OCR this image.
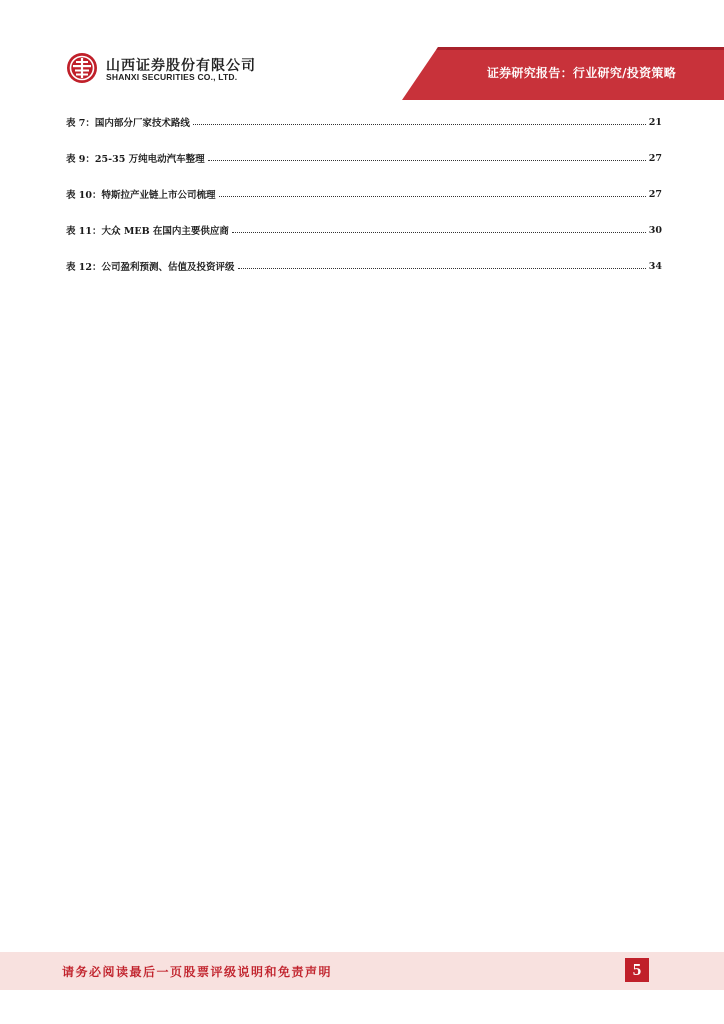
山西证券股份有限公司
SHANXI SECURITIES CO., LTD.	证券研究报告：行业研究/投资策略
表 7：国内部分厂家技术路线	21
表 9：25-35 万纯电动汽车整理	27
表 10：特斯拉产业链上市公司梳理	27
表 11：大众 MEB 在国内主要供应商	30
表 12：公司盈利预测、估值及投资评级	34
请务必阅读最后一页股票评级说明和免责声明	5
